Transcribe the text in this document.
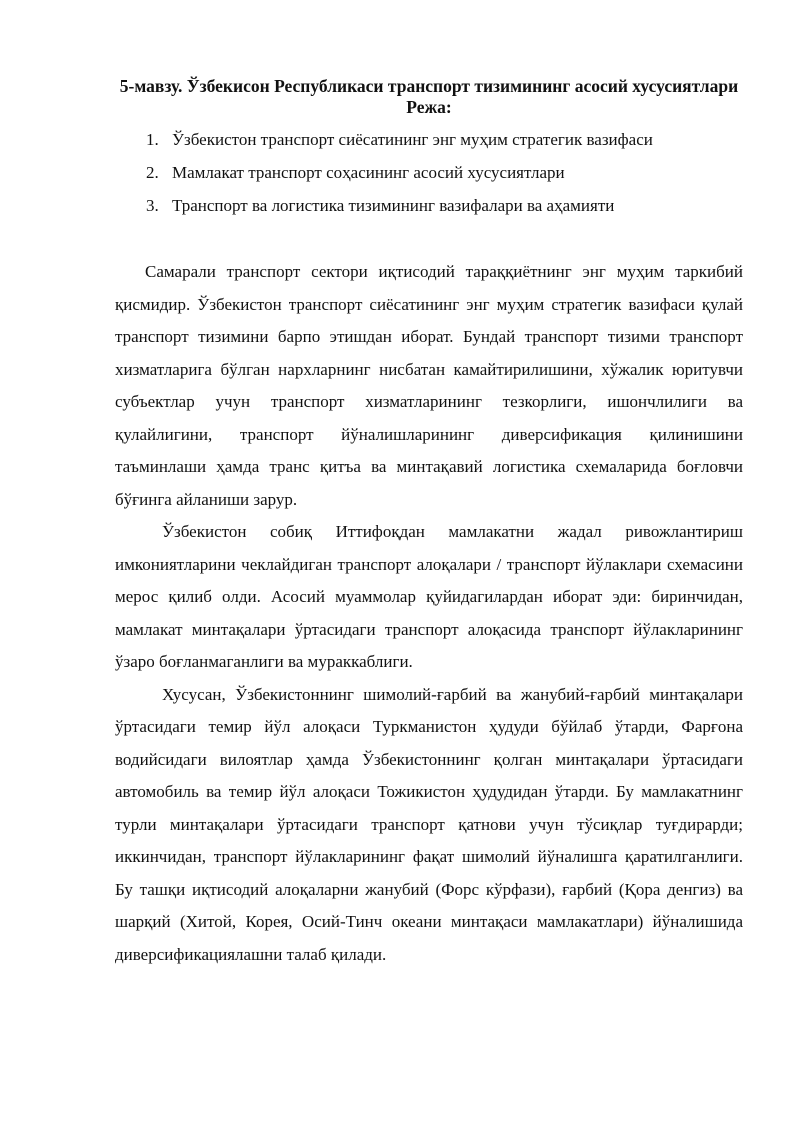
5-мавзу. Ўзбекисон Республикаси транспорт тизимининг асосий хусусиятлари
Режа:
1. Ўзбекистон транспорт сиёсатининг энг муҳим стратегик вазифаси
2. Мамлакат транспорт соҳасининг асосий хусусиятлари
3. Транспорт ва логистика тизимининг вазифалари ва аҳамияти

Самарали транспорт сектори иқтисодий тараққиётнинг энг муҳим таркибий қисмидир. Ўзбекистон транспорт сиёсатининг энг муҳим стратегик вазифаси қулай транспорт тизимини барпо этишдан иборат. Бундай транспорт тизими транспорт хизматларига бўлган нархларнинг нисбатан камайтирилишини, хўжалик юритувчи субъектлар учун транспорт хизматларининг тезкорлиги, ишончлилиги ва қулайлигини, транспорт йўналишларининг диверсификация қилинишини таъминлаши ҳамда транс қитъа ва минтақавий логистика схемаларида боғловчи бўғинга айланиши зарур.

Ўзбекистон собиқ Иттифоқдан мамлакатни жадал ривожлантириш имкониятларини чеклайдиган транспорт алоқалари / транспорт йўлаклари схемасини мерос қилиб олди. Асосий муаммолар қуйидагилардан иборат эди: биринчидан, мамлакат минтақалари ўртасидаги транспорт алоқасида транспорт йўлакларининг ўзаро боғланмаганлиги ва мураккаблиги.

Хусусан, Ўзбекистоннинг шимолий-ғарбий ва жанубий-ғарбий минтақалари ўртасидаги темир йўл алоқаси Туркманистон ҳудуди бўйлаб ўтарди, Фарғона водийсидаги вилоятлар ҳамда Ўзбекистоннинг қолган минтақалари ўртасидаги автомобиль ва темир йўл алоқаси Тожикистон ҳудудидан ўтарди. Бу мамлакатнинг турли минтақалари ўртасидаги транспорт қатнови учун тўсиқлар туғдирарди; иккинчидан, транспорт йўлакларининг фақат шимолий йўналишга қаратилганлиги. Бу ташқи иқтисодий алоқаларни жанубий (Форс кўрфази), ғарбий (Қора денгиз) ва шарқий (Хитой, Корея, Осий-Тинч океани минтақаси мамлакатлари) йўналишида диверсификациялашни талаб қилади.
